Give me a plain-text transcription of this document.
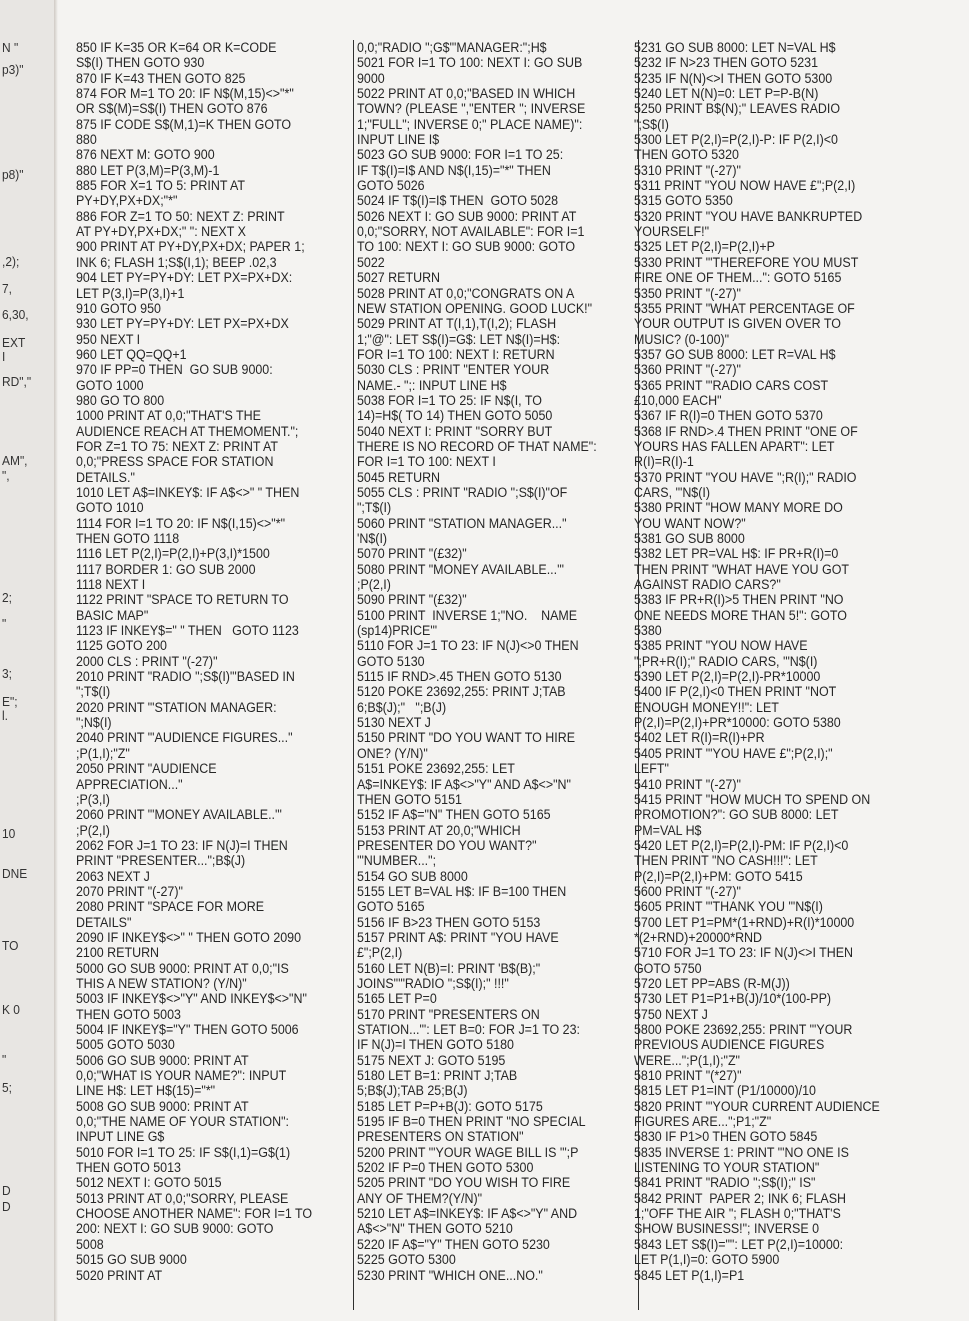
N "
p3)"
p8)"
,2);
7,
6,30,
EXT
I
RD","
AM",
",
2;
"
3;
E";
l.
10
DNE
TO
K 0
"
5;
D
D
850 IF K=35 OR K=64 OR K=CODE
S$(I) THEN GOTO 930
870 IF K=43 THEN GOTO 825
874 FOR M=1 TO 20: IF N$(M,15)<>"*"
OR S$(M)=S$(I) THEN GOTO 876
875 IF CODE S$(M,1)=K THEN GOTO
880
876 NEXT M: GOTO 900
880 LET P(3,M)=P(3,M)-1
885 FOR X=1 TO 5: PRINT AT
PY+DY,PX+DX;"*"
886 FOR Z=1 TO 50: NEXT Z: PRINT
AT PY+DY,PX+DX;" ": NEXT X
900 PRINT AT PY+DY,PX+DX; PAPER 1;
INK 6; FLASH 1;S$(I,1); BEEP .02,3
904 LET PY=PY+DY: LET PX=PX+DX:
LET P(3,I)=P(3,I)+1
910 GOTO 950
930 LET PY=PY+DY: LET PX=PX+DX
950 NEXT I
960 LET QQ=QQ+1
970 IF PP=0 THEN  GO SUB 9000:
GOTO 1000
980 GO TO 800
1000 PRINT AT 0,0;"THAT'S THE
AUDIENCE REACH AT THEMOMENT.";
FOR Z=1 TO 75: NEXT Z: PRINT AT
0,0;"PRESS SPACE FOR STATION
DETAILS."
1010 LET A$=INKEY$: IF A$<>" " THEN
GOTO 1010
1114 FOR I=1 TO 20: IF N$(I,15)<>"*"
THEN GOTO 1118
1116 LET P(2,I)=P(2,I)+P(3,I)*1500
1117 BORDER 1: GO SUB 2000
1118 NEXT I
1122 PRINT "SPACE TO RETURN TO
BASIC MAP"
1123 IF INKEY$=" " THEN   GOTO 1123
1125 GOTO 200
2000 CLS : PRINT "(-27)"
2010 PRINT "RADIO ";S$(I)"'BASED IN
";T$(I)
2020 PRINT "'STATION MANAGER:
";N$(I)
2040 PRINT "'AUDIENCE FIGURES..."
;P(1,I);"Z"
2050 PRINT "AUDIENCE
APPRECIATION..."
;P(3,I)
2060 PRINT "'MONEY AVAILABLE..'"
;P(2,I)
2062 FOR J=1 TO 23: IF N(J)=I THEN
PRINT "PRESENTER...";B$(J)
2063 NEXT J
2070 PRINT "(-27)"
2080 PRINT "SPACE FOR MORE
DETAILS"
2090 IF INKEY$<>" " THEN GOTO 2090
2100 RETURN
5000 GO SUB 9000: PRINT AT 0,0;"IS
THIS A NEW STATION? (Y/N)"
5003 IF INKEY$<>"Y" AND INKEY$<>"N"
THEN GOTO 5003
5004 IF INKEY$="Y" THEN GOTO 5006
5005 GOTO 5030
5006 GO SUB 9000: PRINT AT
0,0;"WHAT IS YOUR NAME?": INPUT
LINE H$: LET H$(15)="*"
5008 GO SUB 9000: PRINT AT
0,0;"THE NAME OF YOUR STATION":
INPUT LINE G$
5010 FOR I=1 TO 25: IF S$(I,1)=G$(1)
THEN GOTO 5013
5012 NEXT I: GOTO 5015
5013 PRINT AT 0,0;"SORRY, PLEASE
CHOOSE ANOTHER NAME": FOR I=1 TO
200: NEXT I: GO SUB 9000: GOTO
5008
5015 GO SUB 9000
5020 PRINT AT
0,0;"RADIO ";G$"'MANAGER:";H$
5021 FOR I=1 TO 100: NEXT I: GO SUB
9000
5022 PRINT AT 0,0;"BASED IN WHICH
TOWN? (PLEASE ","ENTER "; INVERSE
1;"FULL"; INVERSE 0;" PLACE NAME)":
INPUT LINE I$
5023 GO SUB 9000: FOR I=1 TO 25:
IF T$(I)=I$ AND N$(I,15)="*" THEN
GOTO 5026
5024 IF T$(I)=I$ THEN  GOTO 5028
5026 NEXT I: GO SUB 9000: PRINT AT
0,0;"SORRY, NOT AVAILABLE": FOR I=1
TO 100: NEXT I: GO SUB 9000: GOTO
5022
5027 RETURN
5028 PRINT AT 0,0;"CONGRATS ON A
NEW STATION OPENING. GOOD LUCK!"
5029 PRINT AT T(I,1),T(I,2); FLASH
1;"@": LET S$(I)=G$: LET N$(I)=H$:
FOR I=1 TO 100: NEXT I: RETURN
5030 CLS : PRINT "ENTER YOUR
NAME.- ";: INPUT LINE H$
5038 FOR I=1 TO 25: IF N$(I, TO
14)=H$( TO 14) THEN GOTO 5050
5040 NEXT I: PRINT "SORRY BUT
THERE IS NO RECORD OF THAT NAME":
FOR I=1 TO 100: NEXT I
5045 RETURN
5055 CLS : PRINT "RADIO ";S$(I)"OF
";T$(I)
5060 PRINT "STATION MANAGER..."
'N$(I)
5070 PRINT "(£32)"
5080 PRINT "MONEY AVAILABLE...'"
;P(2,I)
5090 PRINT "(£32)"
5100 PRINT  INVERSE 1;"NO.    NAME
(sp14)PRICE"'
5110 FOR J=1 TO 23: IF N(J)<>0 THEN
GOTO 5130
5115 IF RND>.45 THEN GOTO 5130
5120 POKE 23692,255: PRINT J;TAB
6;B$(J);"   ";B(J)
5130 NEXT J
5150 PRINT "DO YOU WANT TO HIRE
ONE? (Y/N)"
5151 POKE 23692,255: LET
A$=INKEY$: IF A$<>"Y" AND A$<>"N"
THEN GOTO 5151
5152 IF A$="N" THEN GOTO 5165
5153 PRINT AT 20,0;"WHICH
PRESENTER DO YOU WANT?"
'"NUMBER...";
5154 GO SUB 8000
5155 LET B=VAL H$: IF B=100 THEN
GOTO 5165
5156 IF B>23 THEN GOTO 5153
5157 PRINT A$: PRINT "YOU HAVE
£";P(2,I)
5160 LET N(B)=I: PRINT 'B$(B);"
JOINS"'"RADIO ";S$(I);" !!!"
5165 LET P=0
5170 PRINT "PRESENTERS ON
STATION..."': LET B=0: FOR J=1 TO 23:
IF N(J)=I THEN GOTO 5180
5175 NEXT J: GOTO 5195
5180 LET B=1: PRINT J;TAB
5;B$(J);TAB 25;B(J)
5185 LET P=P+B(J): GOTO 5175
5195 IF B=0 THEN PRINT "NO SPECIAL
PRESENTERS ON STATION"
5200 PRINT "'YOUR WAGE BILL IS '";P
5202 IF P=0 THEN GOTO 5300
5205 PRINT "DO YOU WISH TO FIRE
ANY OF THEM?(Y/N)"
5210 LET A$=INKEY$: IF A$<>"Y" AND
A$<>"N" THEN GOTO 5210
5220 IF A$="Y" THEN GOTO 5230
5225 GOTO 5300
5230 PRINT "WHICH ONE...NO."
5231 GO SUB 8000: LET N=VAL H$
5232 IF N>23 THEN GOTO 5231
5235 IF N(N)<>I THEN GOTO 5300
5240 LET N(N)=0: LET P=P-B(N)
5250 PRINT B$(N);" LEAVES RADIO
";S$(I)
5300 LET P(2,I)=P(2,I)-P: IF P(2,I)<0
THEN GOTO 5320
5310 PRINT "(-27)"
5311 PRINT "YOU NOW HAVE £";P(2,I)
5315 GOTO 5350
5320 PRINT "YOU HAVE BANKRUPTED
YOURSELF!"
5325 LET P(2,I)=P(2,I)+P
5330 PRINT "'THEREFORE YOU MUST
FIRE ONE OF THEM...": GOTO 5165
5350 PRINT "(-27)"
5355 PRINT "WHAT PERCENTAGE OF
YOUR OUTPUT IS GIVEN OVER TO
MUSIC? (0-100)"
5357 GO SUB 8000: LET R=VAL H$
5360 PRINT "(-27)"
5365 PRINT "'RADIO CARS COST
£10,000 EACH"
5367 IF R(I)=0 THEN GOTO 5370
5368 IF RND>.4 THEN PRINT "ONE OF
YOURS HAS FALLEN APART": LET
R(I)=R(I)-1
5370 PRINT "YOU HAVE ";R(I);" RADIO
CARS, '"N$(I)
5380 PRINT "HOW MANY MORE DO
YOU WANT NOW?"
5381 GO SUB 8000
5382 LET PR=VAL H$: IF PR+R(I)=0
THEN PRINT "WHAT HAVE YOU GOT
AGAINST RADIO CARS?"
5383 IF PR+R(I)>5 THEN PRINT "NO
ONE NEEDS MORE THAN 5!": GOTO
5380
5385 PRINT "YOU NOW HAVE
";PR+R(I);" RADIO CARS, '"N$(I)
5390 LET P(2,I)=P(2,I)-PR*10000
5400 IF P(2,I)<0 THEN PRINT "NOT
ENOUGH MONEY!!": LET
P(2,I)=P(2,I)+PR*10000: GOTO 5380
5402 LET R(I)=R(I)+PR
5405 PRINT "'YOU HAVE £";P(2,I);"
LEFT"
5410 PRINT "(-27)"
5415 PRINT "HOW MUCH TO SPEND ON
PROMOTION?": GO SUB 8000: LET
PM=VAL H$
5420 LET P(2,I)=P(2,I)-PM: IF P(2,I)<0
THEN PRINT "NO CASH!!!": LET
P(2,I)=P(2,I)+PM: GOTO 5415
5600 PRINT "(-27)"
5605 PRINT "'THANK YOU "'N$(I)
5700 LET P1=PM*(1+RND)+R(I)*10000
*(2+RND)+20000*RND
5710 FOR J=1 TO 23: IF N(J)<>I THEN
GOTO 5750
5720 LET PP=ABS (R-M(J))
5730 LET P1=P1+B(J)/10*(100-PP)
5750 NEXT J
5800 POKE 23692,255: PRINT "'YOUR
PREVIOUS AUDIENCE FIGURES
WERE...";P(1,I);"Z"
5810 PRINT "(*27)"
5815 LET P1=INT (P1/10000)/10
5820 PRINT "'YOUR CURRENT AUDIENCE
FIGURES ARE...";P1;"Z"
5830 IF P1>0 THEN GOTO 5845
5835 INVERSE 1: PRINT "'NO ONE IS
LISTENING TO YOUR STATION"
5841 PRINT "RADIO ";S$(I);" IS"
5842 PRINT  PAPER 2; INK 6; FLASH
1;"OFF THE AIR "; FLASH 0;"THAT'S
SHOW BUSINESS!"; INVERSE 0
5843 LET S$(I)="": LET P(2,I)=10000:
LET P(1,I)=0: GOTO 5900
5845 LET P(1,I)=P1
